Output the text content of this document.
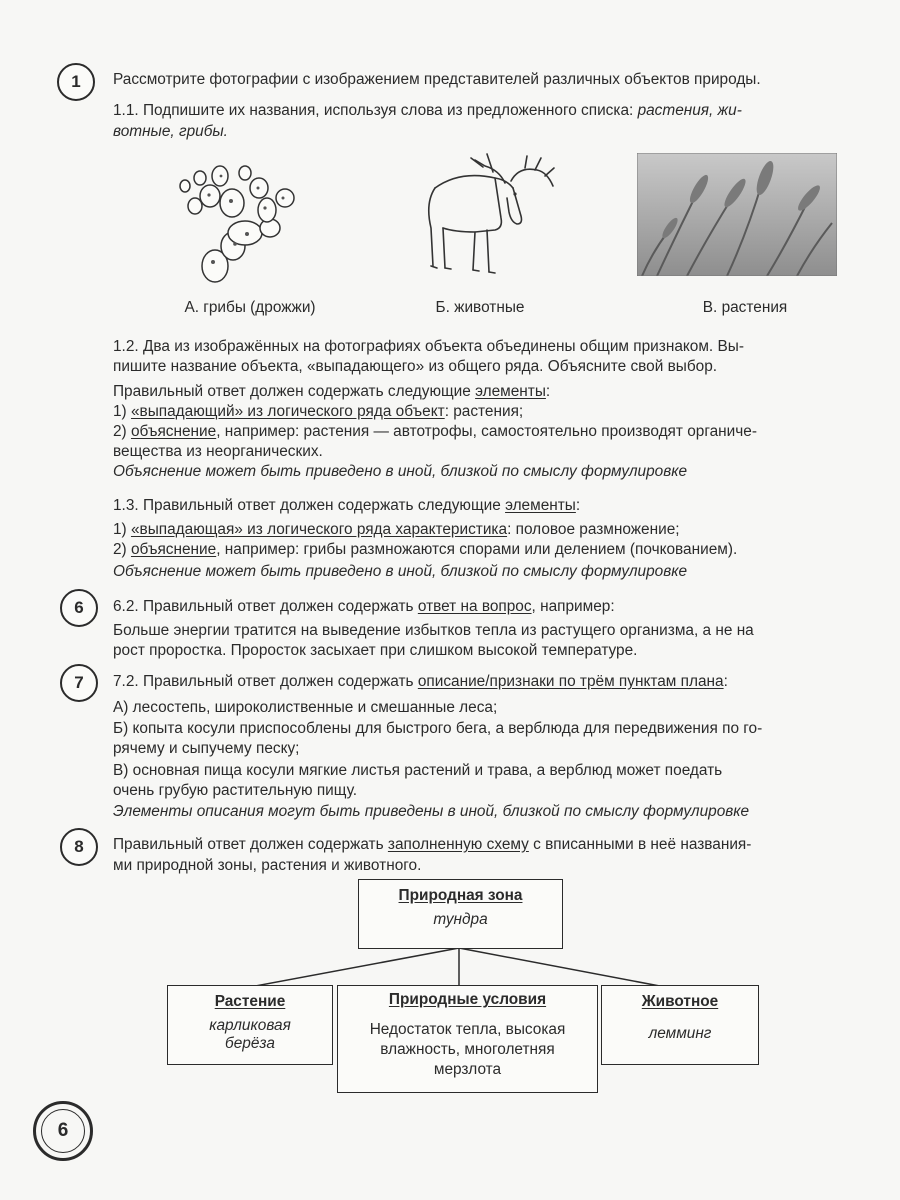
1	Рассмотрите фотографии с изображением представителей различных объектов природы.
1.1. Подпишите их названия, используя слова из предложенного списка: растения, жи-
вотные, грибы.
А. грибы (дрожжи)	Б. животные	В. растения
1.2. Два из изображённых на фотографиях объекта объединены общим признаком. Вы-
пишите название объекта, «выпадающего» из общего ряда. Объясните свой выбор.
Правильный ответ должен содержать следующие элементы:
1) «выпадающий» из логического ряда объект: растения;
2) объяснение, например: растения — автотрофы, самостоятельно производят органиче-
вещества из неорганических.
Объяснение может быть приведено в иной, близкой по смыслу формулировке
1.3. Правильный ответ должен содержать следующие элементы:
1) «выпадающая» из логического ряда характеристика: половое размножение;
2) объяснение, например: грибы размножаются спорами или делением (почкованием).
Объяснение может быть приведено в иной, близкой по смыслу формулировке
6	6.2. Правильный ответ должен содержать ответ на вопрос, например:
Больше энергии тратится на выведение избытков тепла из растущего организма, а не на
рост проростка. Проросток засыхает при слишком высокой температуре.
7	7.2. Правильный ответ должен содержать описание/признаки по трём пунктам плана:
А) лесостепь, широколиственные и смешанные леса;
Б) копыта косули приспособлены для быстрого бега, а верблюда для передвижения по го-
рячему и сыпучему песку;
В) основная пища косули мягкие листья растений и трава, а верблюд может поедать
очень грубую растительную пищу.
Элементы описания могут быть приведены в иной, близкой по смыслу формулировке
8	Правильный ответ должен содержать заполненную схему с вписанными в неё названия-
ми природной зоны, растения и животного.
Природная зона
тундра
Растение
карликовая
берёза
Природные условия
Недостаток тепла, высокая
влажность, многолетняя
мерзлота
Животное
лемминг
6
